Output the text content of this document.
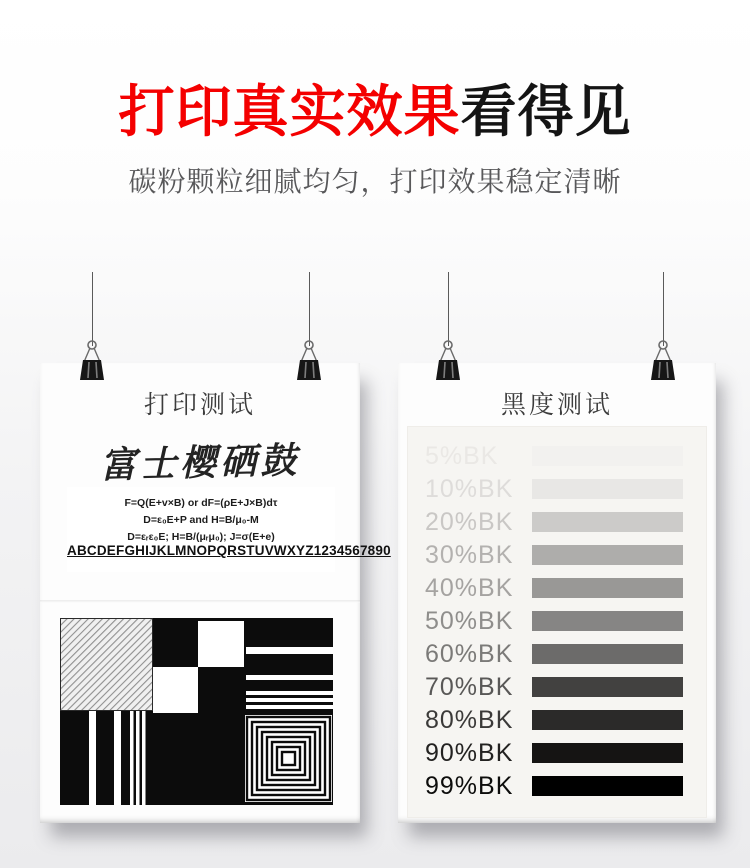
打印真实效果看得见

碳粉颗粒细腻均匀，打印效果稳定清晰

打印测试
富士樱硒鼓
F=Q(E+v×B) or dF=(ρE+J×B)dτ
D=ε₀E+P and H=B/μ₀-M
D=εᵣε₀E; H=B/(μᵣμ₀); J=σ(E+e)
ABCDEFGHIJKLMNOPQRSTUVWXYZ1234567890
黑度测试
5%BK
10%BK
20%BK
30%BK
40%BK
50%BK
60%BK
70%BK
80%BK
90%BK
99%BK
